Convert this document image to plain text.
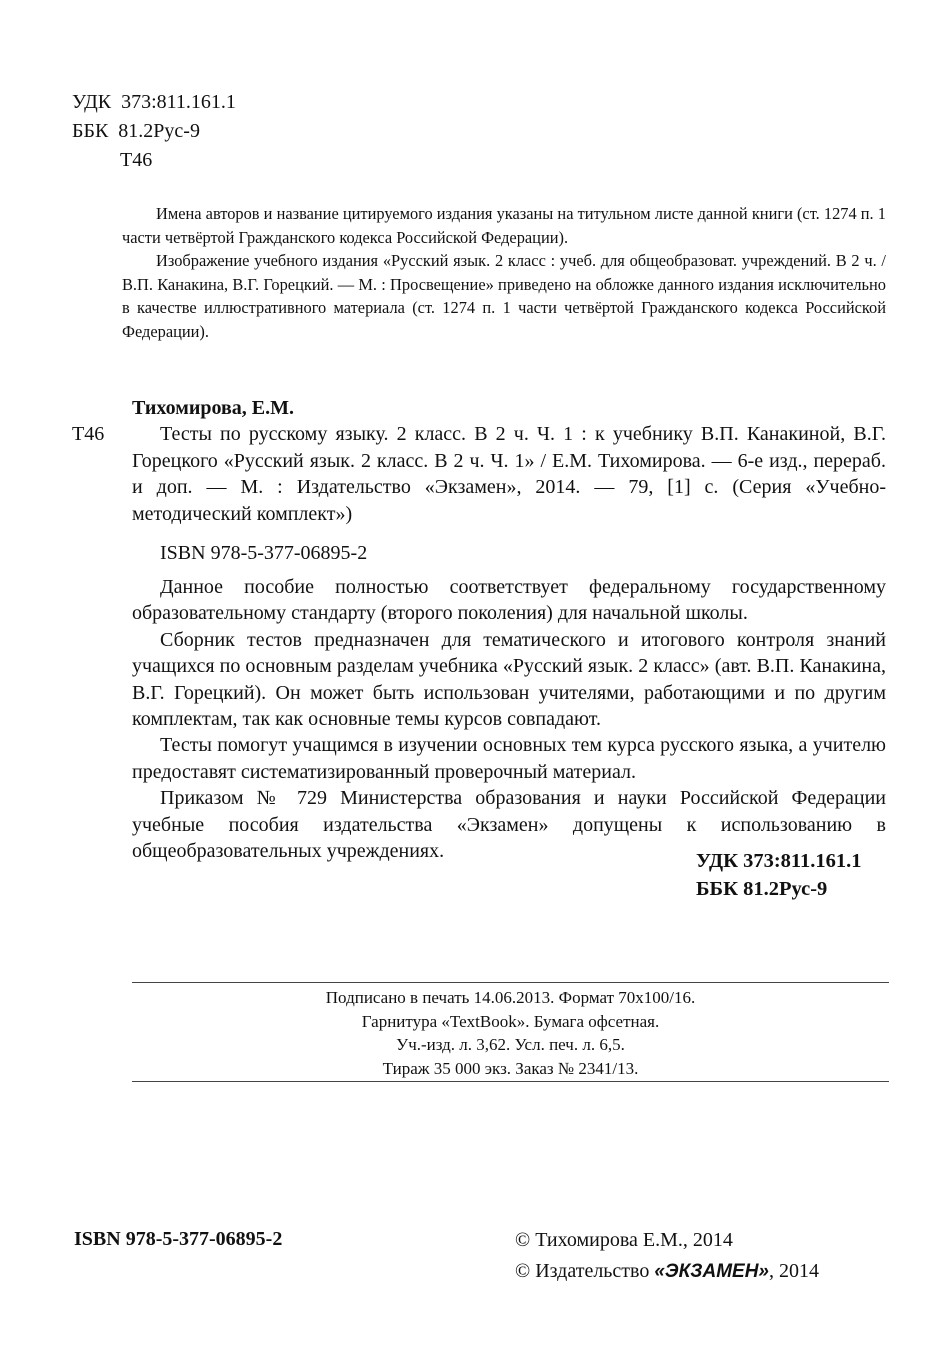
УДК  373:811.161.1
ББК  81.2Рус-9
Т46

Имена авторов и название цитируемого издания указаны на титульном листе данной книги (ст. 1274 п. 1 части четвёртой Гражданского кодекса Российской Федерации).

Изображение учебного издания «Русский язык. 2 класс : учеб. для общеобразоват. учреждений. В 2 ч. / В.П. Канакина, В.Г. Горецкий. — М. : Просвещение» приведено на обложке данного издания исключительно в качестве иллюстративного материала (ст. 1274 п. 1 части четвёртой Гражданского кодекса Российской Федерации).

Тихомирова, Е.М.
Т46	Тесты по русскому языку. 2 класс. В 2 ч. Ч. 1 : к учебнику В.П. Канакиной, В.Г. Горецкого «Русский язык. 2 класс. В 2 ч. Ч. 1» / Е.М. Тихомирова. — 6-е изд., перераб. и доп. — М. : Издательство «Экзамен», 2014. — 79, [1] с. (Серия «Учебно-методический комплект»)
ISBN 978-5-377-06895-2

Данное пособие полностью соответствует федеральному государственному образовательному стандарту (второго поколения) для начальной школы.

Сборник тестов предназначен для тематического и итогового контроля знаний учащихся по основным разделам учебника «Русский язык. 2 класс» (авт. В.П. Канакина, В.Г. Горецкий). Он может быть использован учителями, работающими и по другим комплектам, так как основные темы курсов совпадают.

Тесты помогут учащимся в изучении основных тем курса русского языка, а учителю предоставят систематизированный проверочный материал.

Приказом № 729 Министерства образования и науки Российской Федерации учебные пособия издательства «Экзамен» допущены к использованию в общеобразовательных учреждениях.	УДК 373:811.161.1
ББК 81.2Рус-9
Подписано в печать 14.06.2013. Формат 70х100/16.
Гарнитура «TextBook». Бумага офсетная.
Уч.-изд. л. 3,62. Усл. печ. л. 6,5.
Тираж 35 000 экз. Заказ № 2341/13.
ISBN 978-5-377-06895-2	© Тихомирова Е.М., 2014
© Издательство «ЭКЗАМЕН», 2014
